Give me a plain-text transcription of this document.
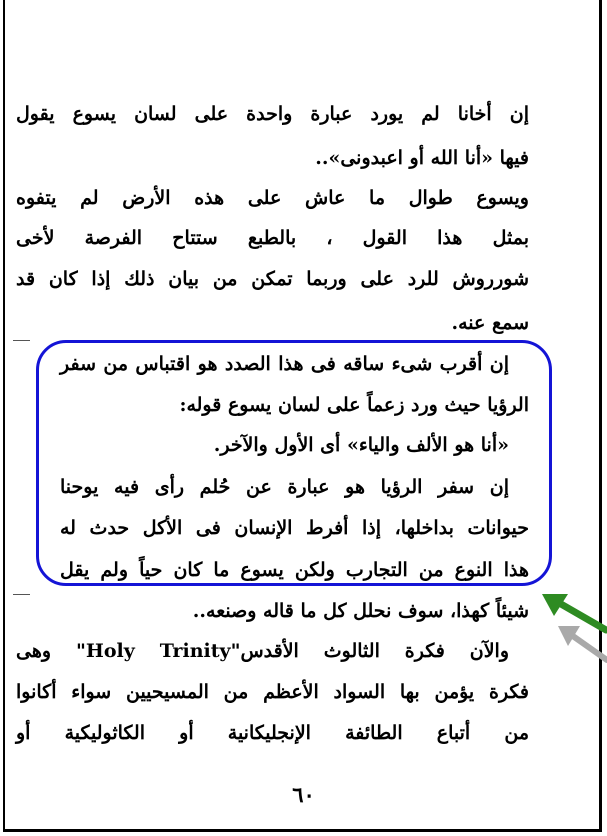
إن أخانا لم يورد عبارة واحدة على لسان يسوع يقول
فيها «أنا الله أو اعبدونى»..
ويسوع طوال ما عاش على هذه الأرض لم يتفوه
بمثل هذا القول ، بالطبع ستتاح الفرصة لأخى
شورروش للرد على وربما تمكن من بيان ذلك إذا كان قد
سمع عنه.
إن أقرب شىء ساقه فى هذا الصدد هو اقتباس من سفر
الرؤيا حيث ورد زعماً على لسان يسوع قوله:
«أنا هو الألف والياء» أى الأول والآخر.
إن سفر الرؤيا هو عبارة عن حُلم رأى فيه يوحنا
حيوانات بداخلها، إذا أفرط الإنسان فى الأكل حدث له
هذا النوع من التجارب ولكن يسوع ما كان حياً ولم يقل
شيئاً كهذا، سوف نحلل كل ما قاله وصنعه..
والآن فكرة الثالوث الأقدس"Holy Trinity" وهى
فكرة يؤمن بها السواد الأعظم من المسيحيين سواء أكانوا
من أتباع الطائفة الإنجليكانية أو الكاثوليكية أو
٦٠
